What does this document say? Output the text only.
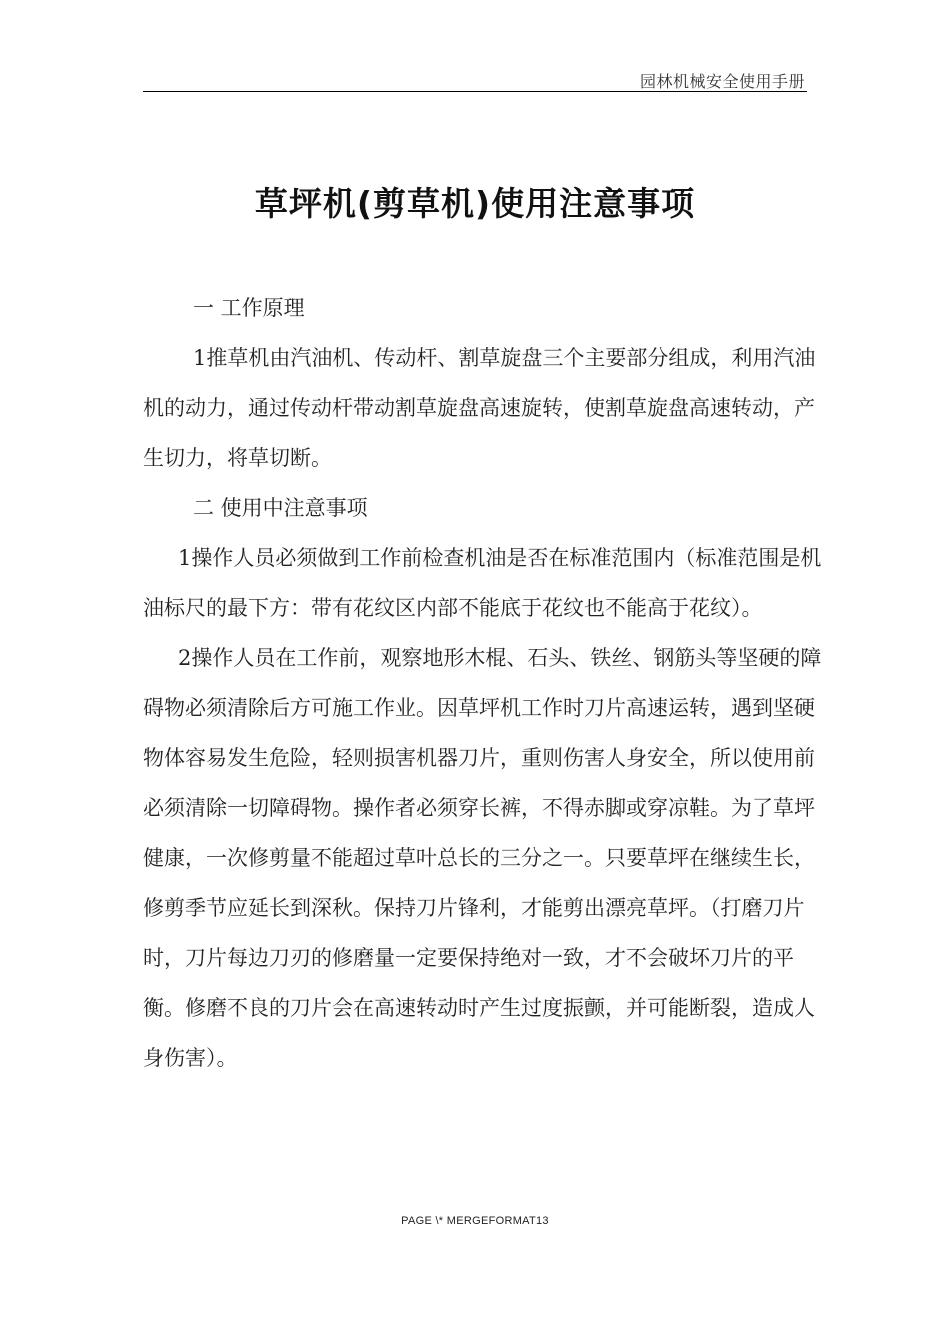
园林机械安全使用手册
草坪机(剪草机)使用注意事项

一 工作原理

1推草机由汽油机、传动杆、割草旋盘三个主要部分组成，利用汽油机的动力，通过传动杆带动割草旋盘高速旋转，使割草旋盘高速转动，产生切力，将草切断。

二 使用中注意事项

1操作人员必须做到工作前检查机油是否在标准范围内（标准范围是机油标尺的最下方：带有花纹区内部不能底于花纹也不能高于花纹）。

2操作人员在工作前，观察地形木棍、石头、铁丝、钢筋头等坚硬的障碍物必须清除后方可施工作业。因草坪机工作时刀片高速运转，遇到坚硬物体容易发生危险，轻则损害机器刀片，重则伤害人身安全，所以使用前必须清除一切障碍物。操作者必须穿长裤，不得赤脚或穿凉鞋。为了草坪健康，一次修剪量不能超过草叶总长的三分之一。只要草坪在继续生长，修剪季节应延长到深秋。保持刀片锋利，才能剪出漂亮草坪。（打磨刀片时，刀片每边刀刃的修磨量一定要保持绝对一致，才不会破坏刀片的平衡。修磨不良的刀片会在高速转动时产生过度振颤，并可能断裂，造成人身伤害）。

PAGE \* MERGEFORMAT13
